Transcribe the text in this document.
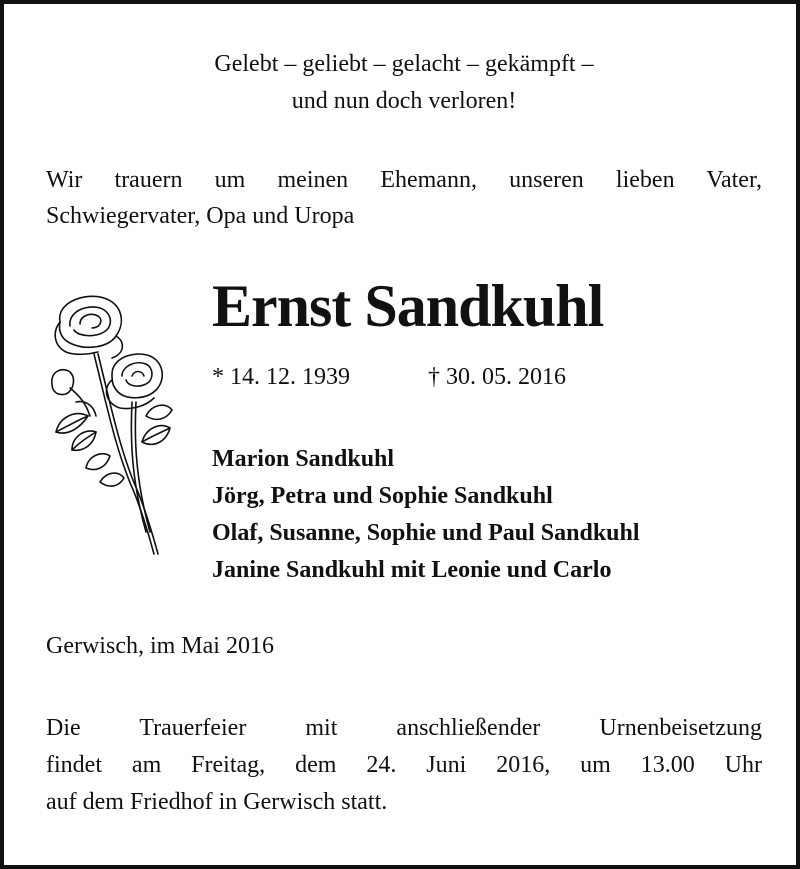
Gelebt – geliebt – gelacht – gekämpft –
und nun doch verloren!
Wir trauern um meinen Ehemann, unseren lieben Vater,
Schwiegervater, Opa und Uropa
Ernst Sandkuhl
* 14. 12. 1939	† 30. 05. 2016
Marion Sandkuhl
Jörg, Petra und Sophie Sandkuhl
Olaf, Susanne, Sophie und Paul Sandkuhl
Janine Sandkuhl mit Leonie und Carlo
Gerwisch, im Mai 2016
Die Trauerfeier mit anschließender Urnenbeisetzung
findet am Freitag, dem 24. Juni 2016, um 13.00 Uhr
auf dem Friedhof in Gerwisch statt.
